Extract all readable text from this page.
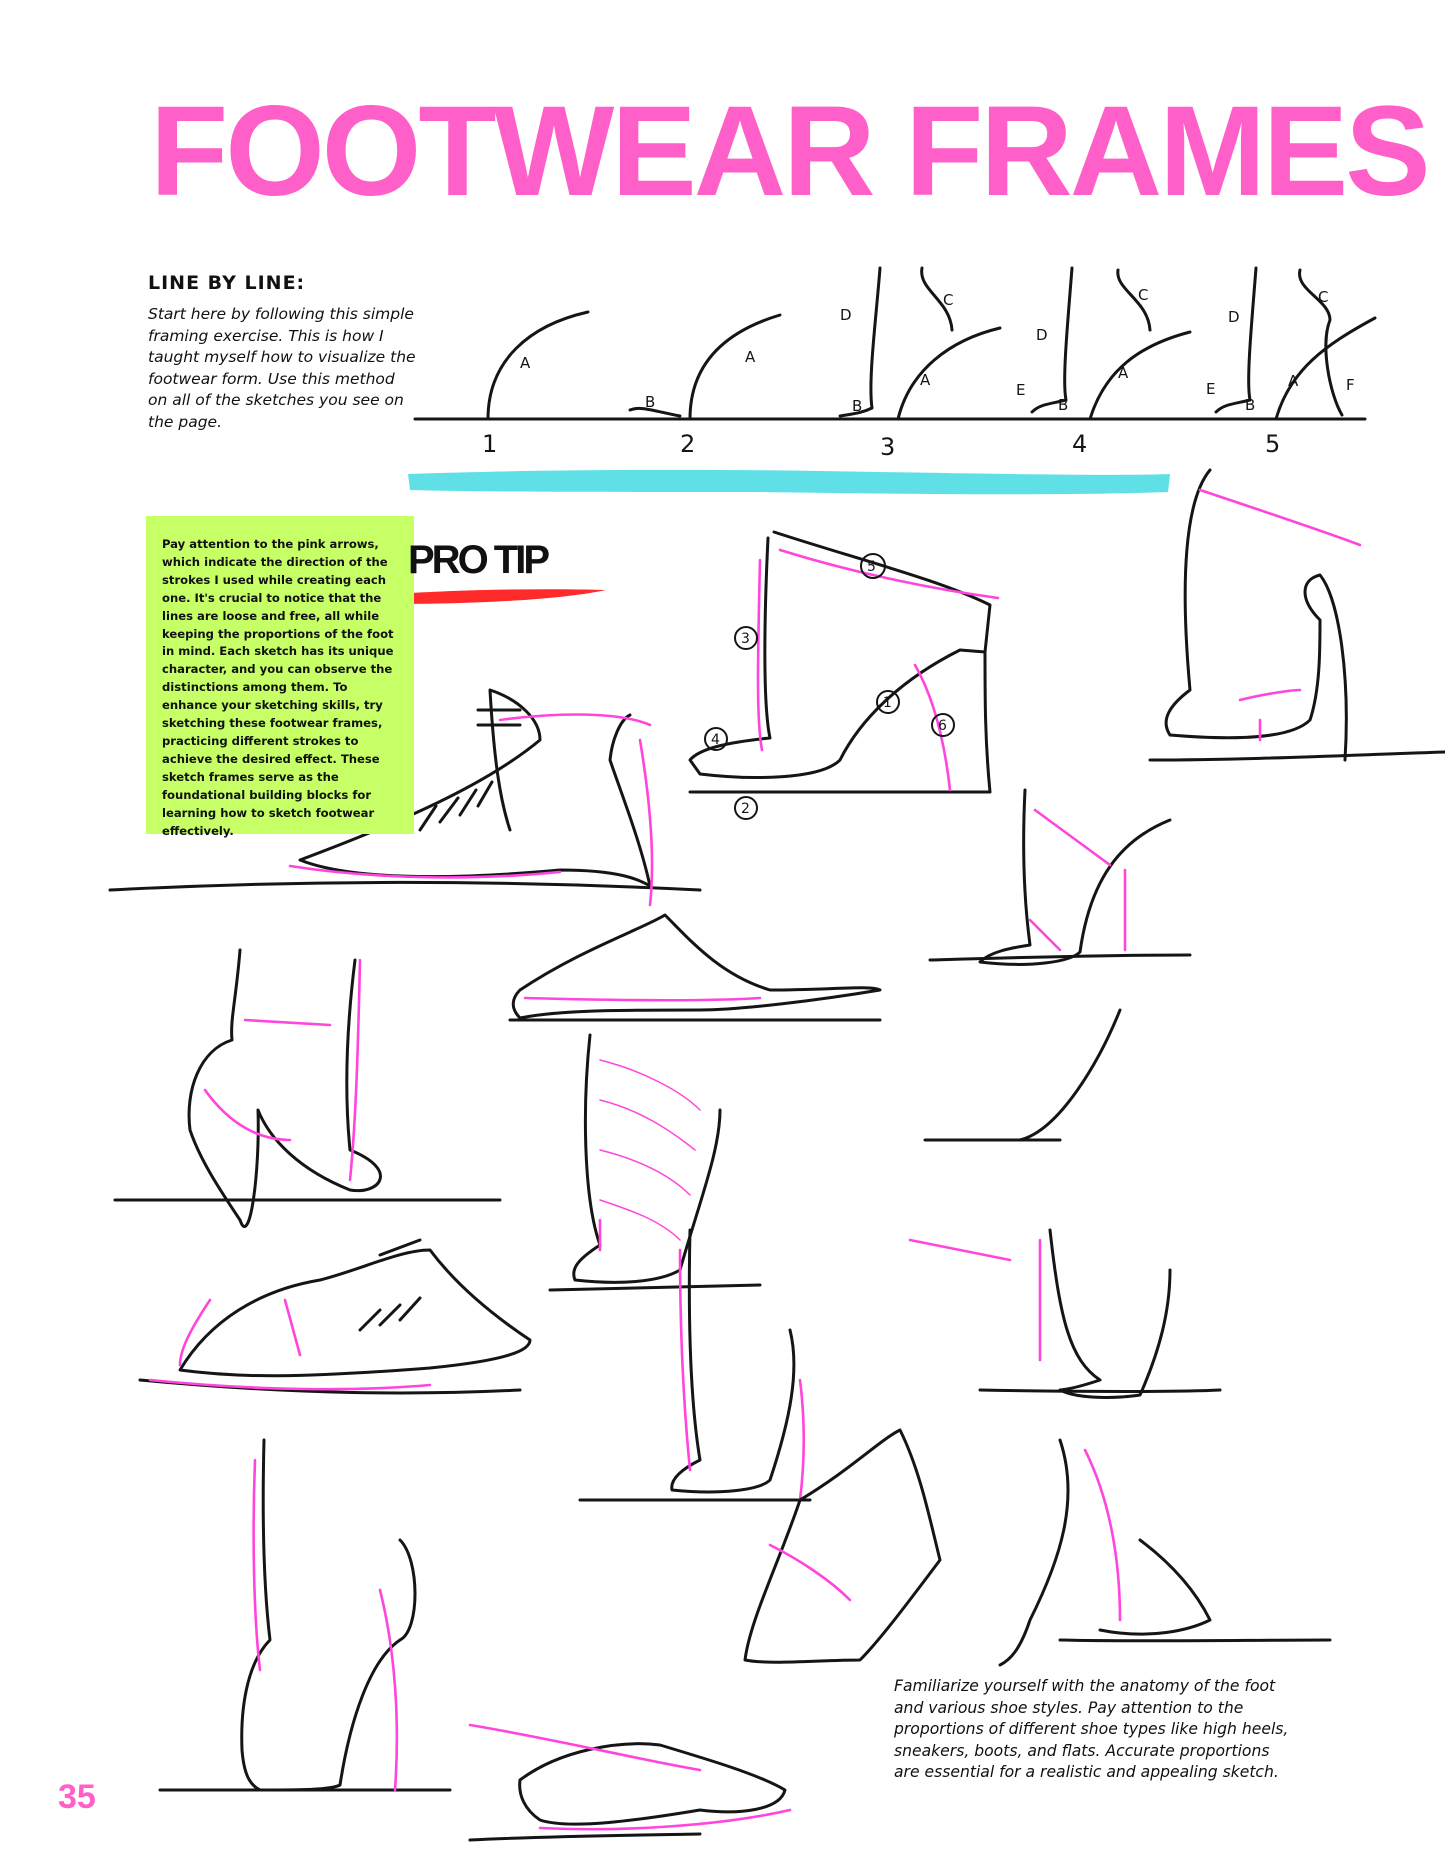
FOOTWEAR FRAMES
LINE BY LINE:

Start here by following this simple framing exercise. This is how I taught myself how to visualize the footwear form. Use this method on all of the sketches you see on the page.

A
B
A
B
A
D
C
D
C
E
B
A
D
C
E
B
A	F
1	2	3	4	5
5
3
4
2
1
6

Pay attention to the pink arrows, which indicate the direction of the strokes I used while creating each one. It's crucial to notice that the lines are loose and free, all while keeping the proportions of the foot in mind. Each sketch has its unique character, and you can observe the distinctions among them. To enhance your sketching skills, try sketching these footwear frames, practicing different strokes to achieve the desired effect. These sketch frames serve as the foundational building blocks for learning how to sketch footwear effectively.

PRO TIP

Familiarize yourself with the anatomy of the foot and various shoe styles. Pay attention to the proportions of different shoe types like high heels, sneakers, boots, and flats. Accurate proportions are essential for a realistic and appealing sketch.

35
